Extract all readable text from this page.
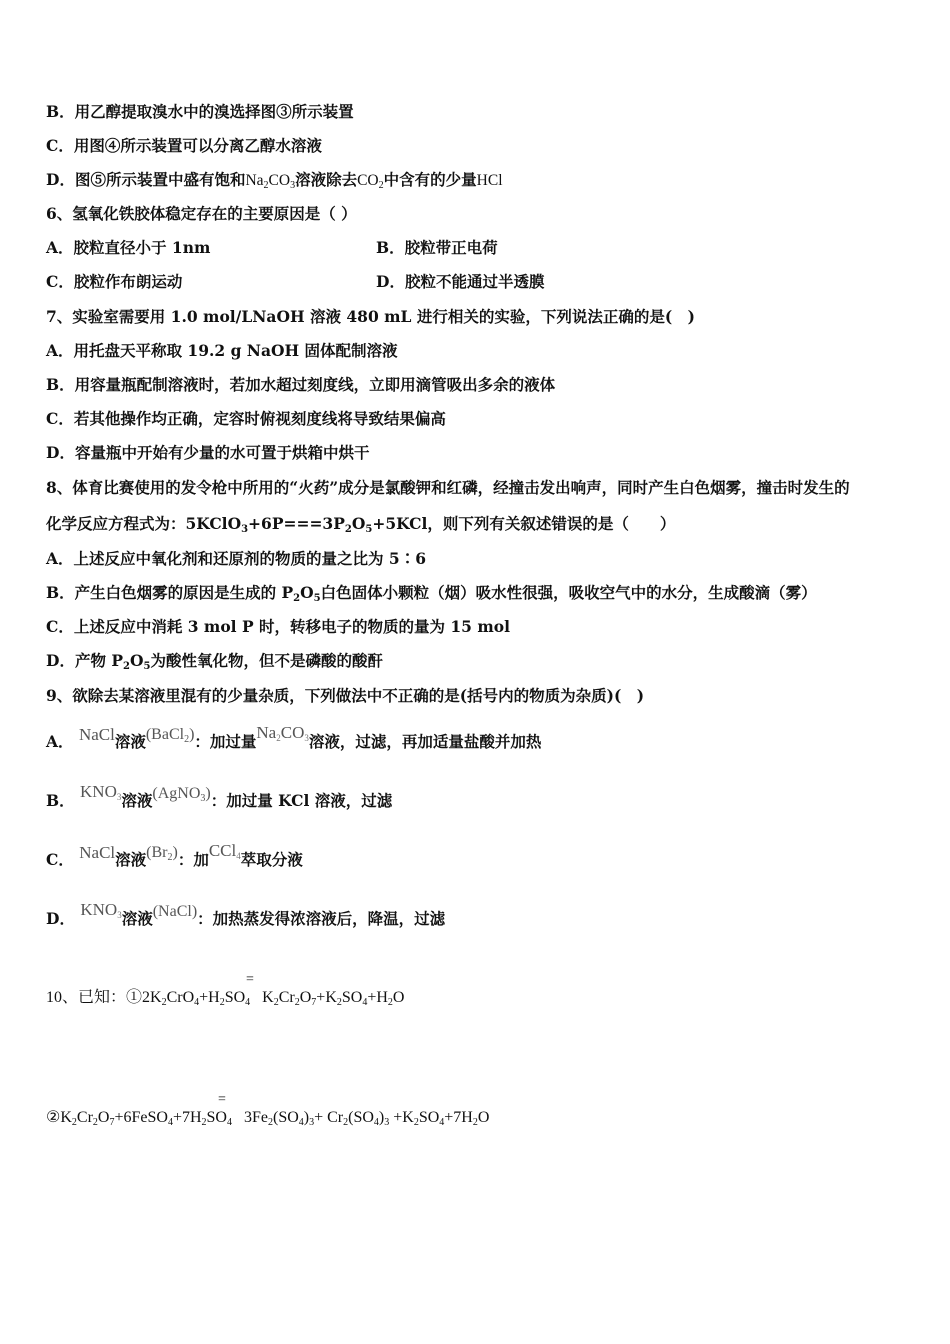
B．用乙醇提取溴水中的溴选择图③所示装置
C．用图④所示装置可以分离乙醇水溶液
D．图⑤所示装置中盛有饱和$Na_2CO_3$溶液除去$CO_2$中含有的少量HCl
6、氢氧化铁胶体稳定存在的主要原因是（ ）
A．胶粒直径小于 1nm	B．胶粒带正电荷
C．胶粒作布朗运动	D．胶粒不能通过半透膜
7、实验室需要用 1.0 mol/LNaOH 溶液 480 mL 进行相关的实验，下列说法正确的是(　)
A．用托盘天平称取 19.2 g NaOH 固体配制溶液
B．用容量瓶配制溶液时，若加水超过刻度线，立即用滴管吸出多余的液体
C．若其他操作均正确，定容时俯视刻度线将导致结果偏高
D．容量瓶中开始有少量的水可置于烘箱中烘干
8、体育比赛使用的发令枪中所用的“火药”成分是氯酸钾和红磷，经撞击发出响声，同时产生白色烟雾，撞击时发生的
化学反应方程式为：$5KClO_3+6P===3P_2O_5+5KCl$，则下列有关叙述错误的是（　　）
A．上述反应中氧化剂和还原剂的物质的量之比为 5∶6
B．产生白色烟雾的原因是生成的 $P_2O_5$白色固体小颗粒（烟）吸水性很强，吸收空气中的水分，生成酸滴（雾）
C．上述反应中消耗 3 mol P 时，转移电子的物质的量为 15 mol
D．产物 $P_2O_5$为酸性氧化物，但不是磷酸的酸酐
9、欲除去某溶液里混有的少量杂质，下列做法中不正确的是(括号内的物质为杂质)(　)
A． NaCl溶液(BaCl$_2$)：加过量$Na_2CO_3$溶液，过滤，再加适量盐酸并加热
B． $KNO_3$溶液(AgNO$_3$)：加过量 KCl 溶液，过滤
C． NaCl溶液$(Br_2)$：加CCl$_4$萃取分液
D． $KNO_3$溶液(NaCl)：加热蒸发得浓溶液后，降温，过滤
=
10、已知：$①2K_2CrO_4+H_2SO_4$ $K_2Cr_2O_7+K_2SO_4+H_2O$
=
$②K_2Cr_2O_7+6FeSO_4+7H_2SO_4$ $3Fe_2(SO_4)_3+ Cr_2(SO_4)_3 +K_2SO_4+7H_2O$
